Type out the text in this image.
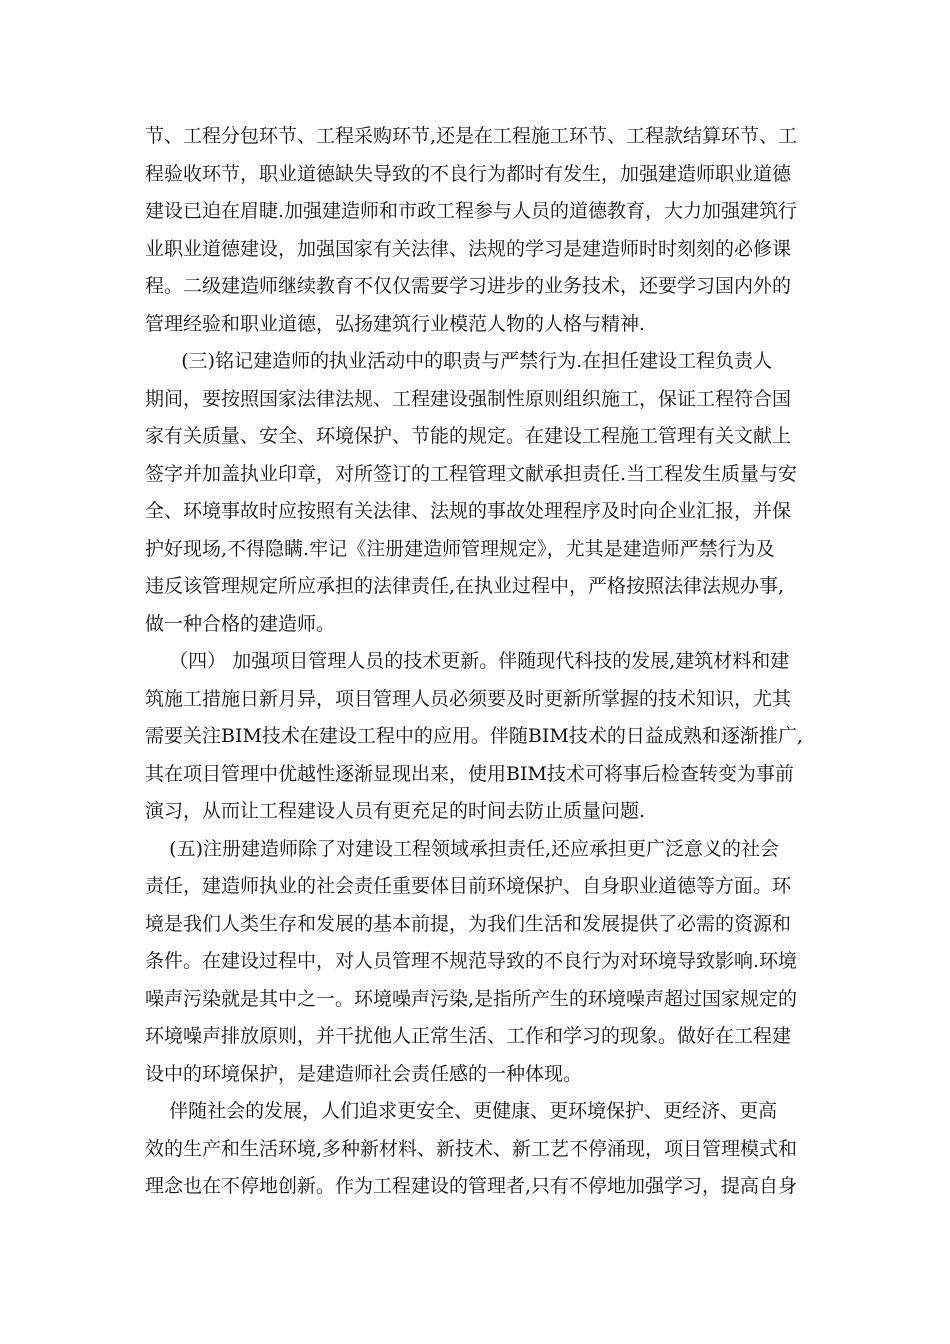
节、工程分包环节、工程采购环节,还是在工程施工环节、工程款结算环节、工
程验收环节，职业道德缺失导致的不良行为都时有发生，加强建造师职业道德
建设已迫在眉睫.加强建造师和市政工程参与人员的道德教育，大力加强建筑行
业职业道德建设，加强国家有关法律、法规的学习是建造师时时刻刻的必修课
程。二级建造师继续教育不仅仅需要学习进步的业务技术，还要学习国内外的
管理经验和职业道德，弘扬建筑行业模范人物的人格与精神.
(三)铭记建造师的执业活动中的职责与严禁行为.在担任建设工程负责人
期间，要按照国家法律法规、工程建设强制性原则组织施工，保证工程符合国
家有关质量、安全、环境保护、节能的规定。在建设工程施工管理有关文献上
签字并加盖执业印章，对所签订的工程管理文献承担责任.当工程发生质量与安
全、环境事故时应按照有关法律、法规的事故处理程序及时向企业汇报，并保
护好现场,不得隐瞒.牢记《注册建造师管理规定》，尤其是建造师严禁行为及
违反该管理规定所应承担的法律责任,在执业过程中，严格按照法律法规办事,
做一种合格的建造师。
（四） 加强项目管理人员的技术更新。伴随现代科技的发展,建筑材料和建
筑施工措施日新月异，项目管理人员必须要及时更新所掌握的技术知识，尤其
需要关注BIM技术在建设工程中的应用。伴随BIM技术的日益成熟和逐渐推广,
其在项目管理中优越性逐渐显现出来，使用BIM技术可将事后检查转变为事前
演习，从而让工程建设人员有更充足的时间去防止质量问题.
(五)注册建造师除了对建设工程领域承担责任,还应承担更广泛意义的社会
责任，建造师执业的社会责任重要体目前环境保护、自身职业道德等方面。环
境是我们人类生存和发展的基本前提，为我们生活和发展提供了必需的资源和
条件。在建设过程中，对人员管理不规范导致的不良行为对环境导致影响.环境
噪声污染就是其中之一。环境噪声污染,是指所产生的环境噪声超过国家规定的
环境噪声排放原则，并干扰他人正常生活、工作和学习的现象。做好在工程建
设中的环境保护，是建造师社会责任感的一种体现。
伴随社会的发展，人们追求更安全、更健康、更环境保护、更经济、更高
效的生产和生活环境,多种新材料、新技术、新工艺不停涌现，项目管理模式和
理念也在不停地创新。作为工程建设的管理者,只有不停地加强学习，提高自身
